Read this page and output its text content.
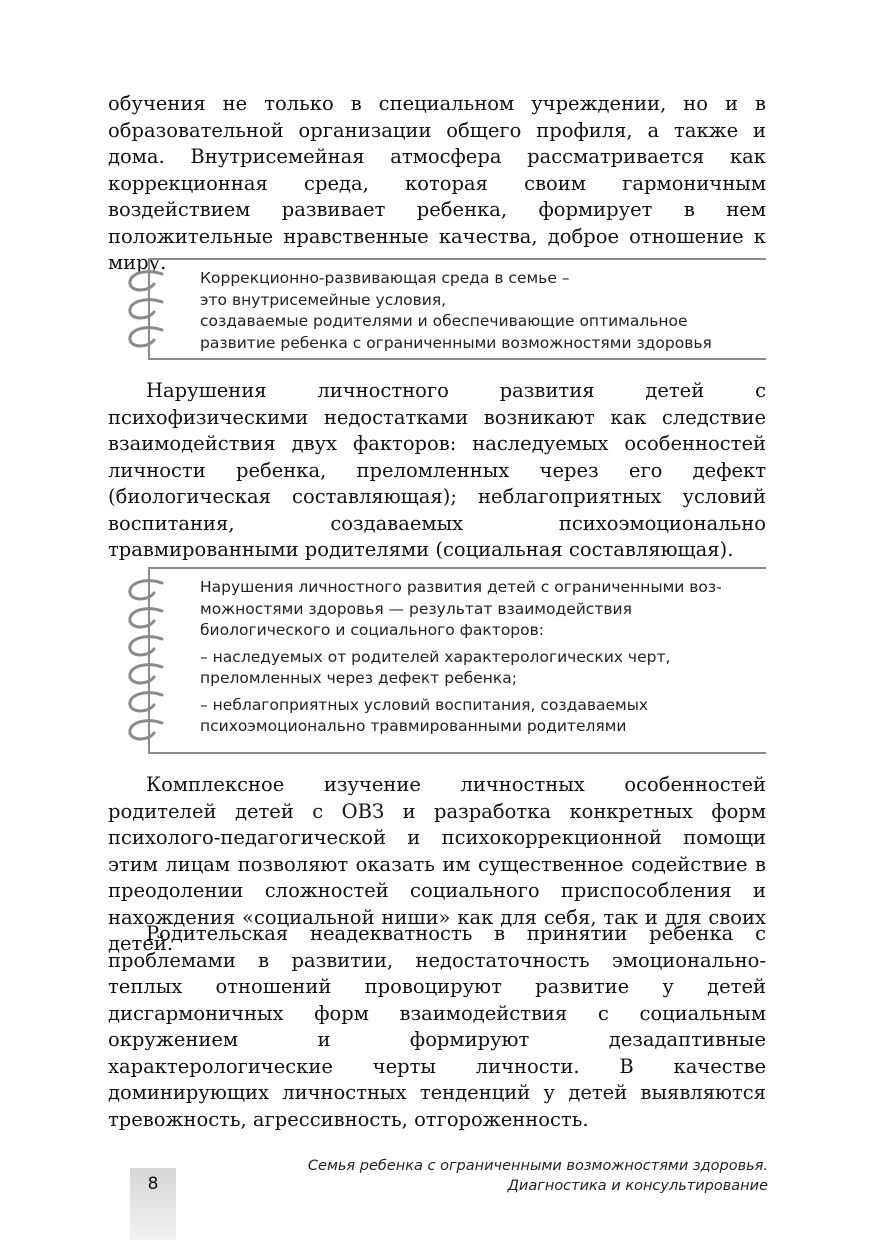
обучения не только в специальном учреждении, но и в образовательной организации общего профиля, а также и дома. Внутрисемейная атмосфера рассматривается как коррекционная среда, которая своим гармоничным воздействием развивает ребенка, формирует в нем положительные нравственные качества, доброе отношение к миру.

Коррекционно-развивающая среда в семье –

это внутрисемейные условия,

создаваемые родителями и обеспечивающие оптимальное

развитие ребенка с ограниченными возможностями здоровья

Нарушения личностного развития детей с психофизическими недостатками возникают как следствие взаимодействия двух факторов: наследуемых особенностей личности ребенка, преломленных через его дефект (биологическая составляющая); неблагоприятных условий воспитания, создаваемых психоэмоционально травмированными родителями (социальная составляющая).

Нарушения личностного развития детей с ограниченными воз-

можностями здоровья — результат взаимодействия

биологического и социального факторов:

– наследуемых от родителей характерологических черт,

преломленных через дефект ребенка;

– неблагоприятных условий воспитания, создаваемых

психоэмоционально травмированными родителями

Комплексное изучение личностных особенностей родителей детей с ОВЗ и разработка конкретных форм психолого-педагогической и психокоррекционной помощи этим лицам позволяют оказать им существенное содействие в преодолении сложностей социального приспособления и нахождения «социальной ниши» как для себя, так и для своих детей.

Родительская неадекватность в принятии ребенка с проблемами в развитии, недостаточность эмоционально-теплых отношений провоцируют развитие у детей дисгармоничных форм взаимодействия с социальным окружением и формируют дезадаптивные характерологические черты личности. В качестве доминирующих личностных тенденций у детей выявляются тревожность, агрессивность, отгороженность.

8
Семья ребенка с ограниченными возможностями здоровья.
Диагностика и консультирование
